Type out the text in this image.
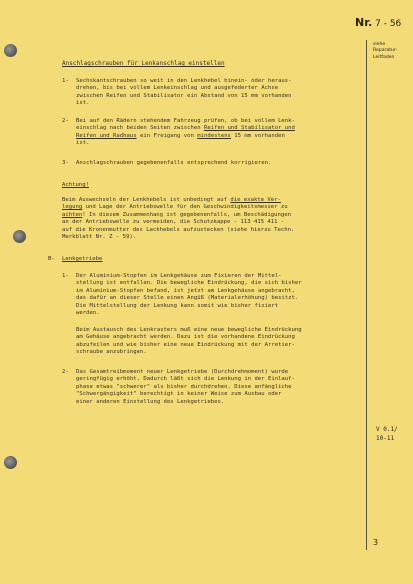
Nr. 7 - 56
siehe
Reparatur-
Leitfaden
V 0.1/
10-11
3
Anschlagschrauben für Lenkanschlag einstellen
1- Sechskantschrauben so weit in den Lenkhebel hinein- oder heraus-
drehen, bis bei vollem Lenkeinschlag und ausgefederter Achse
zwischen Reifen und Stabilisator ein Abstand von 15 mm vorhanden
ist.
2- Bei auf den Rädern stehendem Fahrzeug prüfen, ob bei vollem Lenk-
einschlag nach beiden Seiten zwischen Reifen und Stabilisator und
Reifen und Radhaus ein Freigang von mindestens 15 mm vorhanden
ist.
3- Anschlagschrauben gegebenenfalls entsprechend korrigieren.
Achtung!
Beim Auswechseln der Lenkhebels ist unbedingt auf die exakte Ver-
legung und Lage der Antriebswelle für den Geschwindigkeitsmesser zu
achten! In diesem Zusammenhang ist gegebenenfalls, um Beschädigungen
an der Antriebswelle zu vermeiden, die Schutzkappe - 113 415 411 -
auf die Kronenmutter des Lackhebels aufzustecken (siehe hierzu Techn.
Merkblatt Nr. Z - 59).
B- Lenkgetriebe
1- Der Aluminium-Stopfen im Lenkgehäuse zum Fixieren der Mittel-
stellung ist entfallen. Die bewegliche Eindrückung, die sich bisher
im Aluminium-Stopfen befand, ist jetzt am Lenkgehäuse angebracht,
das dafür an dieser Stelle einen Angüß (Materialerhöhung) besitzt.
Die Mittelstellung der Lenkung kann somit wie bisher fixiert
werden.
Beim Austausch des Lenkrasters muß eine neue bewegliche Eindrückung
am Gehäuse angebracht werden. Dazu ist die vorhandene Eindrückung
abzufeilen und wie bisher eine neue Eindrückung mit der Arretier-
schraube anzubringen.
2- Das Gesamtreibmoment neuer Lenkgetriebe (Durchdrehmoment) wurde
geringfügig erhöht. Dadurch läßt sich die Lenkung in der Einlauf-
phase etwas "schwerer" als bisher durchdrehen. Diese anfängliche
"Schwergängigkeit" berechtigt in keiner Weise zum Ausbau oder
einer anderen Einstellung des Lenkgetriebes.
